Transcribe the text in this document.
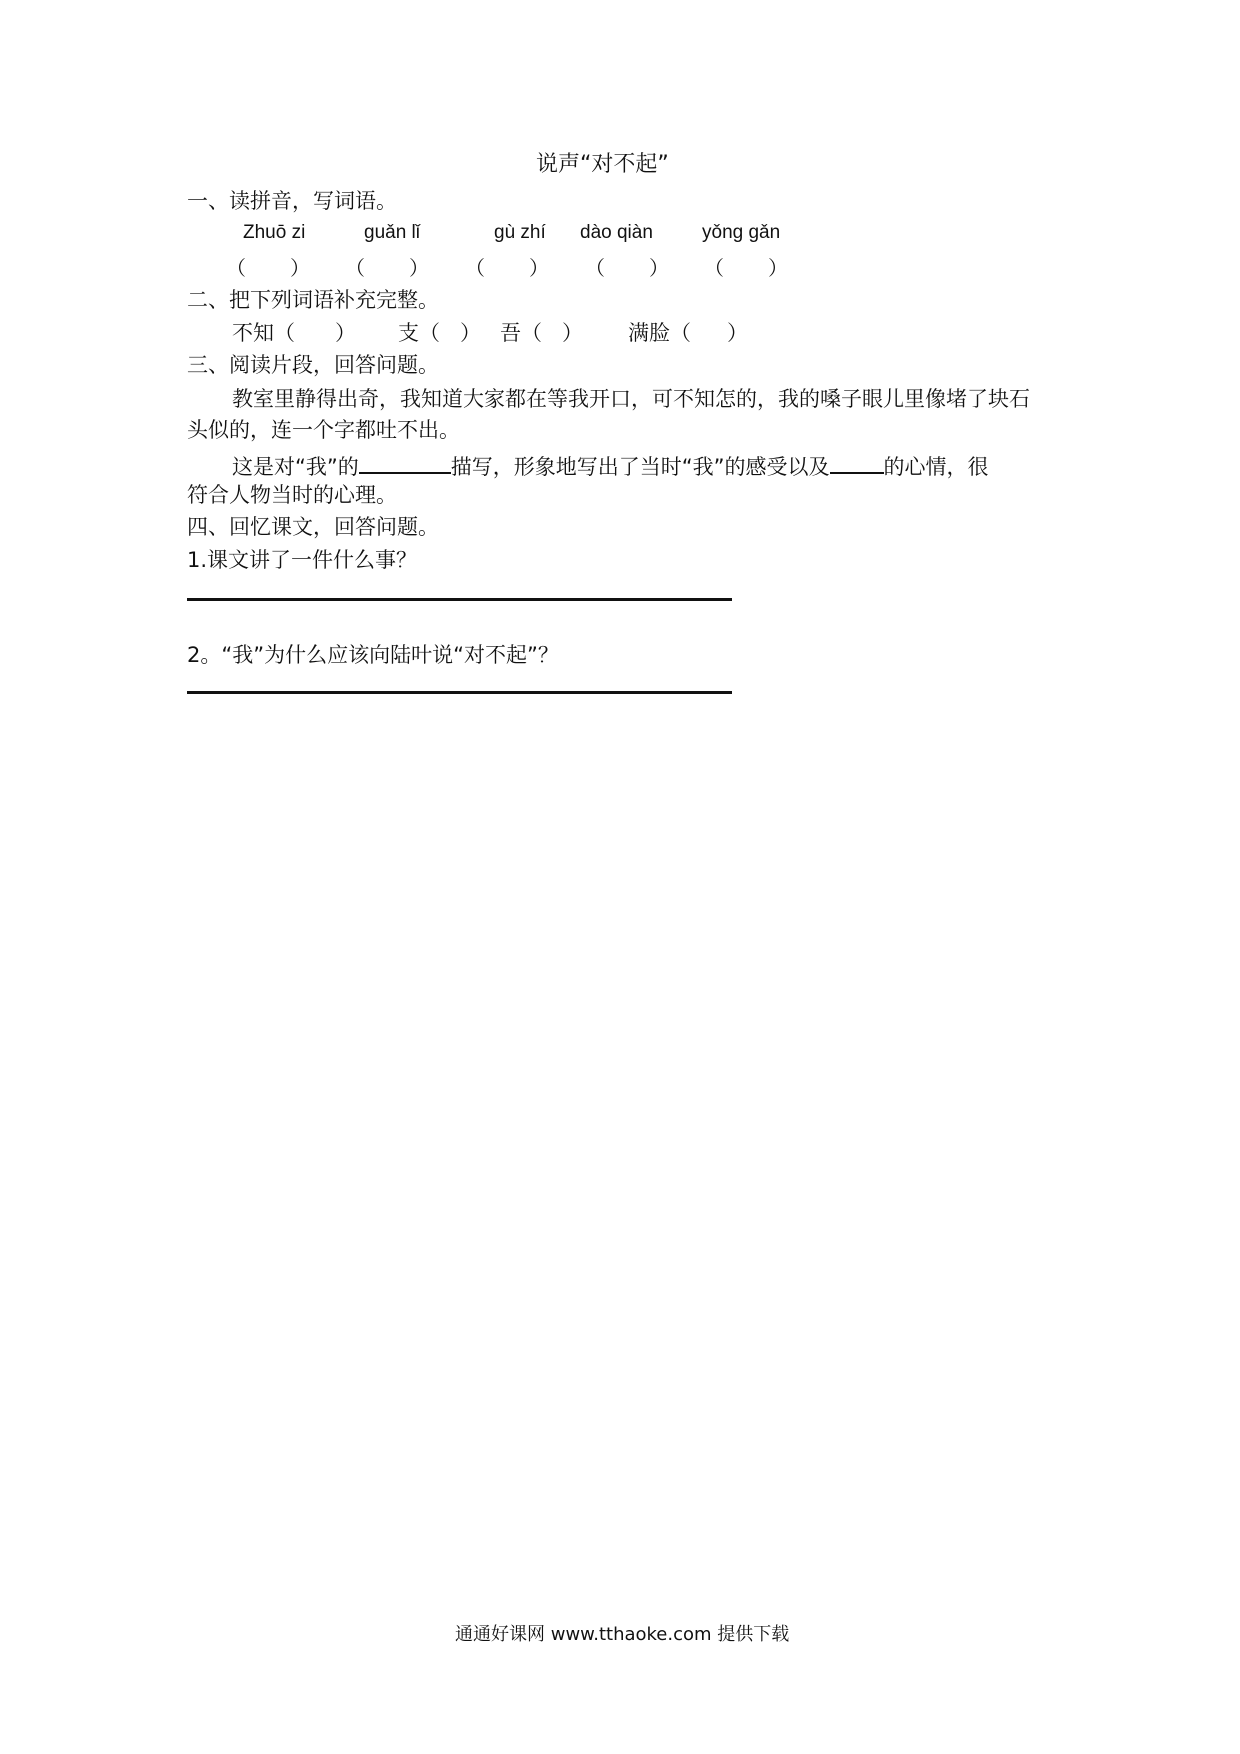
说声“对不起”
一、读拼音，写词语。
Zhuō zi	guǎn lǐ	gù zhí dào qiàn	yǒng gǎn
（ ） （ ） （ ） （ ） （ ）
二、把下列词语补充完整。
不知（ ） 支（ ） 吾（ ） 满脸（ ）
三、阅读片段，回答问题。
教室里静得出奇，我知道大家都在等我开口，可不知怎的，我的嗓子眼儿里像堵了块石
头似的，连一个字都吐不出。
这是对“我”的	描写，形象地写出了当时“我”的感受以及	的心情，很
符合人物当时的心理。
四、回忆课文，回答问题。
1.课文讲了一件什么事？
2。“我”为什么应该向陆叶说“对不起”？
通通好课网 www.tthaoke.com 提供下载
